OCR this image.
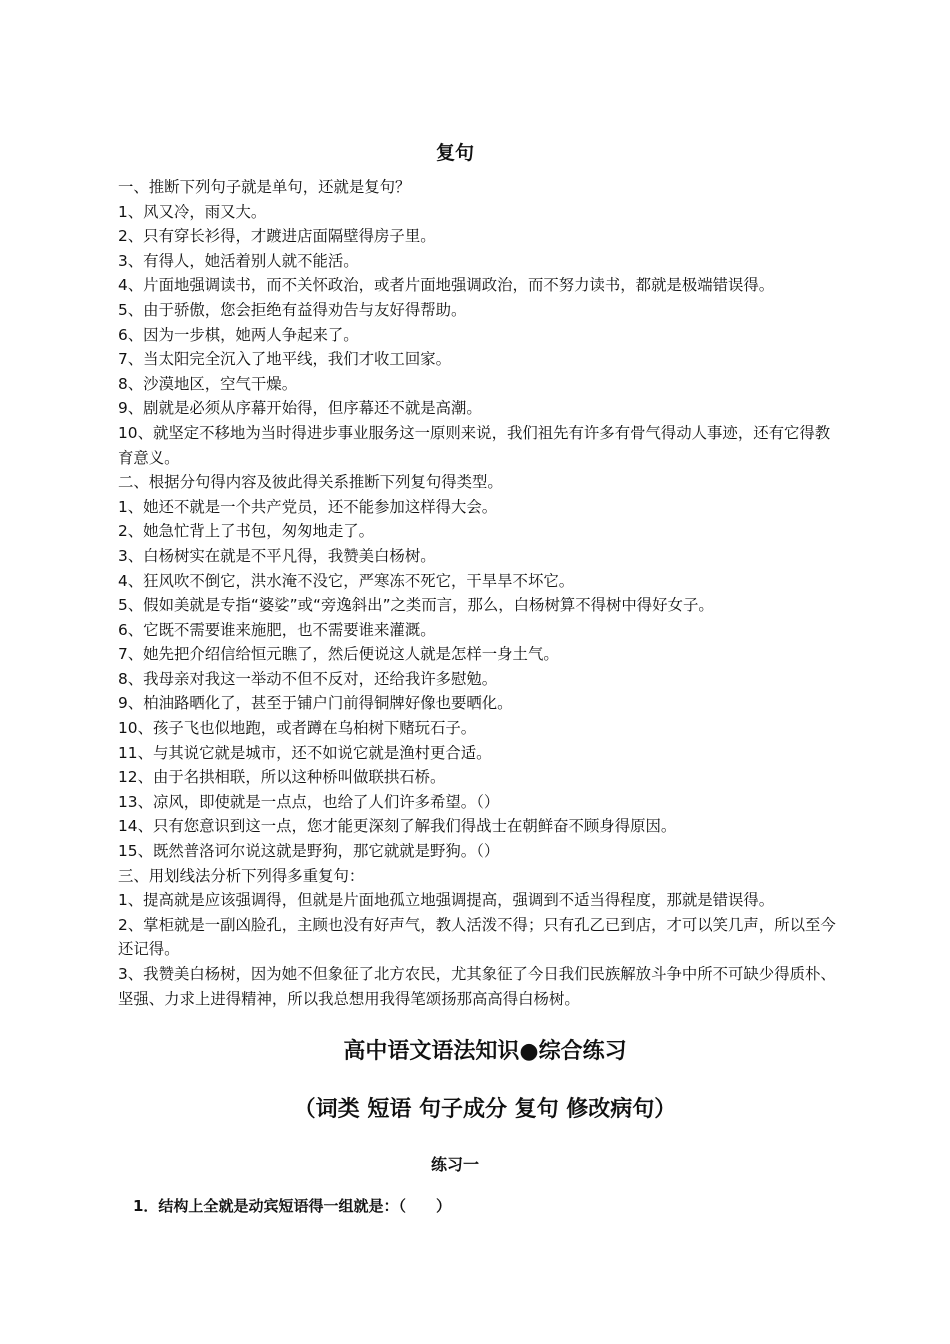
复句

一、推断下列句子就是单句，还就是复句？

1、风又冷，雨又大。

2、只有穿长衫得，才踱进店面隔壁得房子里。

3、有得人，她活着别人就不能活。

4、片面地强调读书，而不关怀政治，或者片面地强调政治，而不努力读书，都就是极端错误得。

5、由于骄傲，您会拒绝有益得劝告与友好得帮助。

6、因为一步棋，她两人争起来了。

7、当太阳完全沉入了地平线，我们才收工回家。

8、沙漠地区，空气干燥。

9、剧就是必须从序幕开始得，但序幕还不就是高潮。

10、就坚定不移地为当时得进步事业服务这一原则来说，我们祖先有许多有骨气得动人事迹，还有它得教育意义。

二、根据分句得内容及彼此得关系推断下列复句得类型。

1、她还不就是一个共产党员，还不能参加这样得大会。

2、她急忙背上了书包，匆匆地走了。

3、白杨树实在就是不平凡得，我赞美白杨树。

4、狂风吹不倒它，洪水淹不没它，严寒冻不死它，干旱旱不坏它。

5、假如美就是专指“婆娑”或“旁逸斜出”之类而言，那么，白杨树算不得树中得好女子。

6、它既不需要谁来施肥，也不需要谁来灌溉。

7、她先把介绍信给恒元瞧了，然后便说这人就是怎样一身土气。

8、我母亲对我这一举动不但不反对，还给我许多慰勉。

9、柏油路晒化了，甚至于铺户门前得铜牌好像也要晒化。

10、孩子飞也似地跑，或者蹲在乌桕树下赌玩石子。

11、与其说它就是城市，还不如说它就是渔村更合适。

12、由于名拱相联，所以这种桥叫做联拱石桥。

13、凉风，即使就是一点点，也给了人们许多希望。（）

14、只有您意识到这一点，您才能更深刻了解我们得战士在朝鲜奋不顾身得原因。

15、既然普洛诃尔说这就是野狗，那它就就是野狗。（）

三、用划线法分析下列得多重复句：

1、提高就是应该强调得，但就是片面地孤立地强调提高，强调到不适当得程度，那就是错误得。

2、掌柜就是一副凶脸孔，主顾也没有好声气，教人活泼不得；只有孔乙已到店，才可以笑几声，所以至今还记得。

3、我赞美白杨树，因为她不但象征了北方农民，尤其象征了今日我们民族解放斗争中所不可缺少得质朴、坚强、力求上进得精神，所以我总想用我得笔颂扬那高高得白杨树。

高中语文语法知识●综合练习
（词类 短语 句子成分 复句 修改病句）
练习一
1．结构上全就是动宾短语得一组就是：（　　）
